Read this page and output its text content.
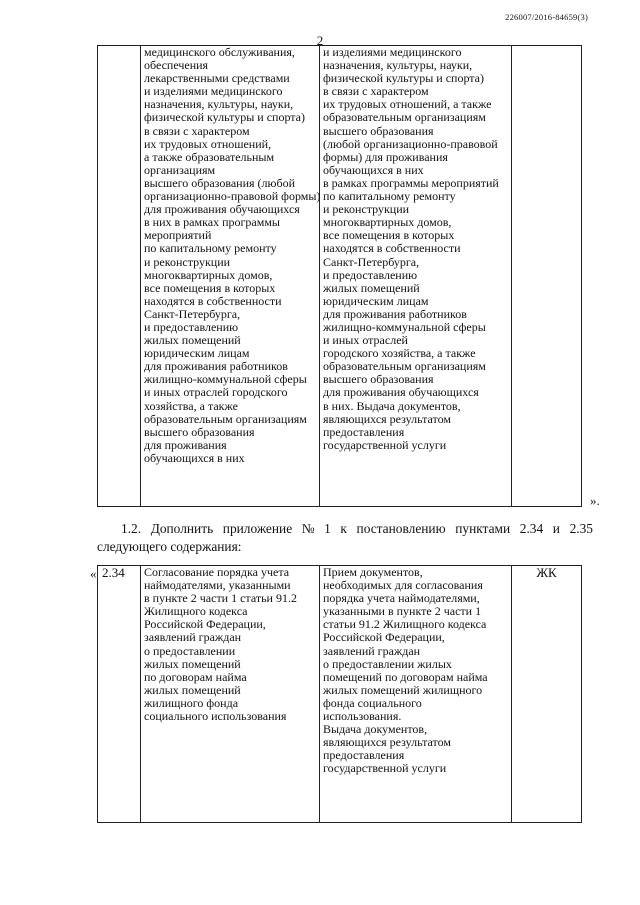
226007/2016-84659(3)
2

медицинского обслуживания,
обеспечения
лекарственными средствами
и изделиями медицинского
назначения, культуры, науки,
физической культуры и спорта)
в связи с характером
их трудовых отношений,
а также образовательным
организациям
высшего образования (любой
организационно-правовой формы)
для проживания обучающихся
в них в рамках программы
мероприятий
по капитальному ремонту
и реконструкции
многоквартирных домов,
все помещения в которых
находятся в собственности
Санкт-Петербурга,
и предоставлению
жилых помещений
юридическим лицам
для проживания работников
жилищно-коммунальной сферы
и иных отраслей городского
хозяйства, а также
образовательным организациям
высшего образования
для проживания
обучающихся в них

и изделиями медицинского
назначения, культуры, науки,
физической культуры и спорта)
в связи с характером
их трудовых отношений, а также
образовательным организациям
высшего образования
(любой организационно-правовой
формы) для проживания
обучающихся в них
в рамках программы мероприятий
по капитальному ремонту
и реконструкции
многоквартирных домов,
все помещения в которых
находятся в собственности
Санкт-Петербурга,
и предоставлению
жилых помещений
юридическим лицам
для проживания работников
жилищно-коммунальной сферы
и иных отраслей
городского хозяйства, а также
образовательным организациям
высшего образования
для проживания обучающихся
в них. Выдача документов,
являющихся результатом
предоставления
государственной услуги

».
1.2. Дополнить приложение № 1 к постановлению пунктами 2.34 и 2.35
следующего содержания:
« 2.34	Согласование порядка учета
наймодателями, указанными
в пункте 2 части 1 статьи 91.2
Жилищного кодекса
Российской Федерации,
заявлений граждан
о предоставлении
жилых помещений
по договорам найма
жилых помещений
жилищного фонда
социального использования

Прием документов,
необходимых для согласования
порядка учета наймодателями,
указанными в пункте 2 части 1
статьи 91.2 Жилищного кодекса
Российской Федерации,
заявлений граждан
о предоставлении жилых
помещений по договорам найма
жилых помещений жилищного
фонда социального
использования.
Выдача документов,
являющихся результатом
предоставления
государственной услуги
	ЖК
